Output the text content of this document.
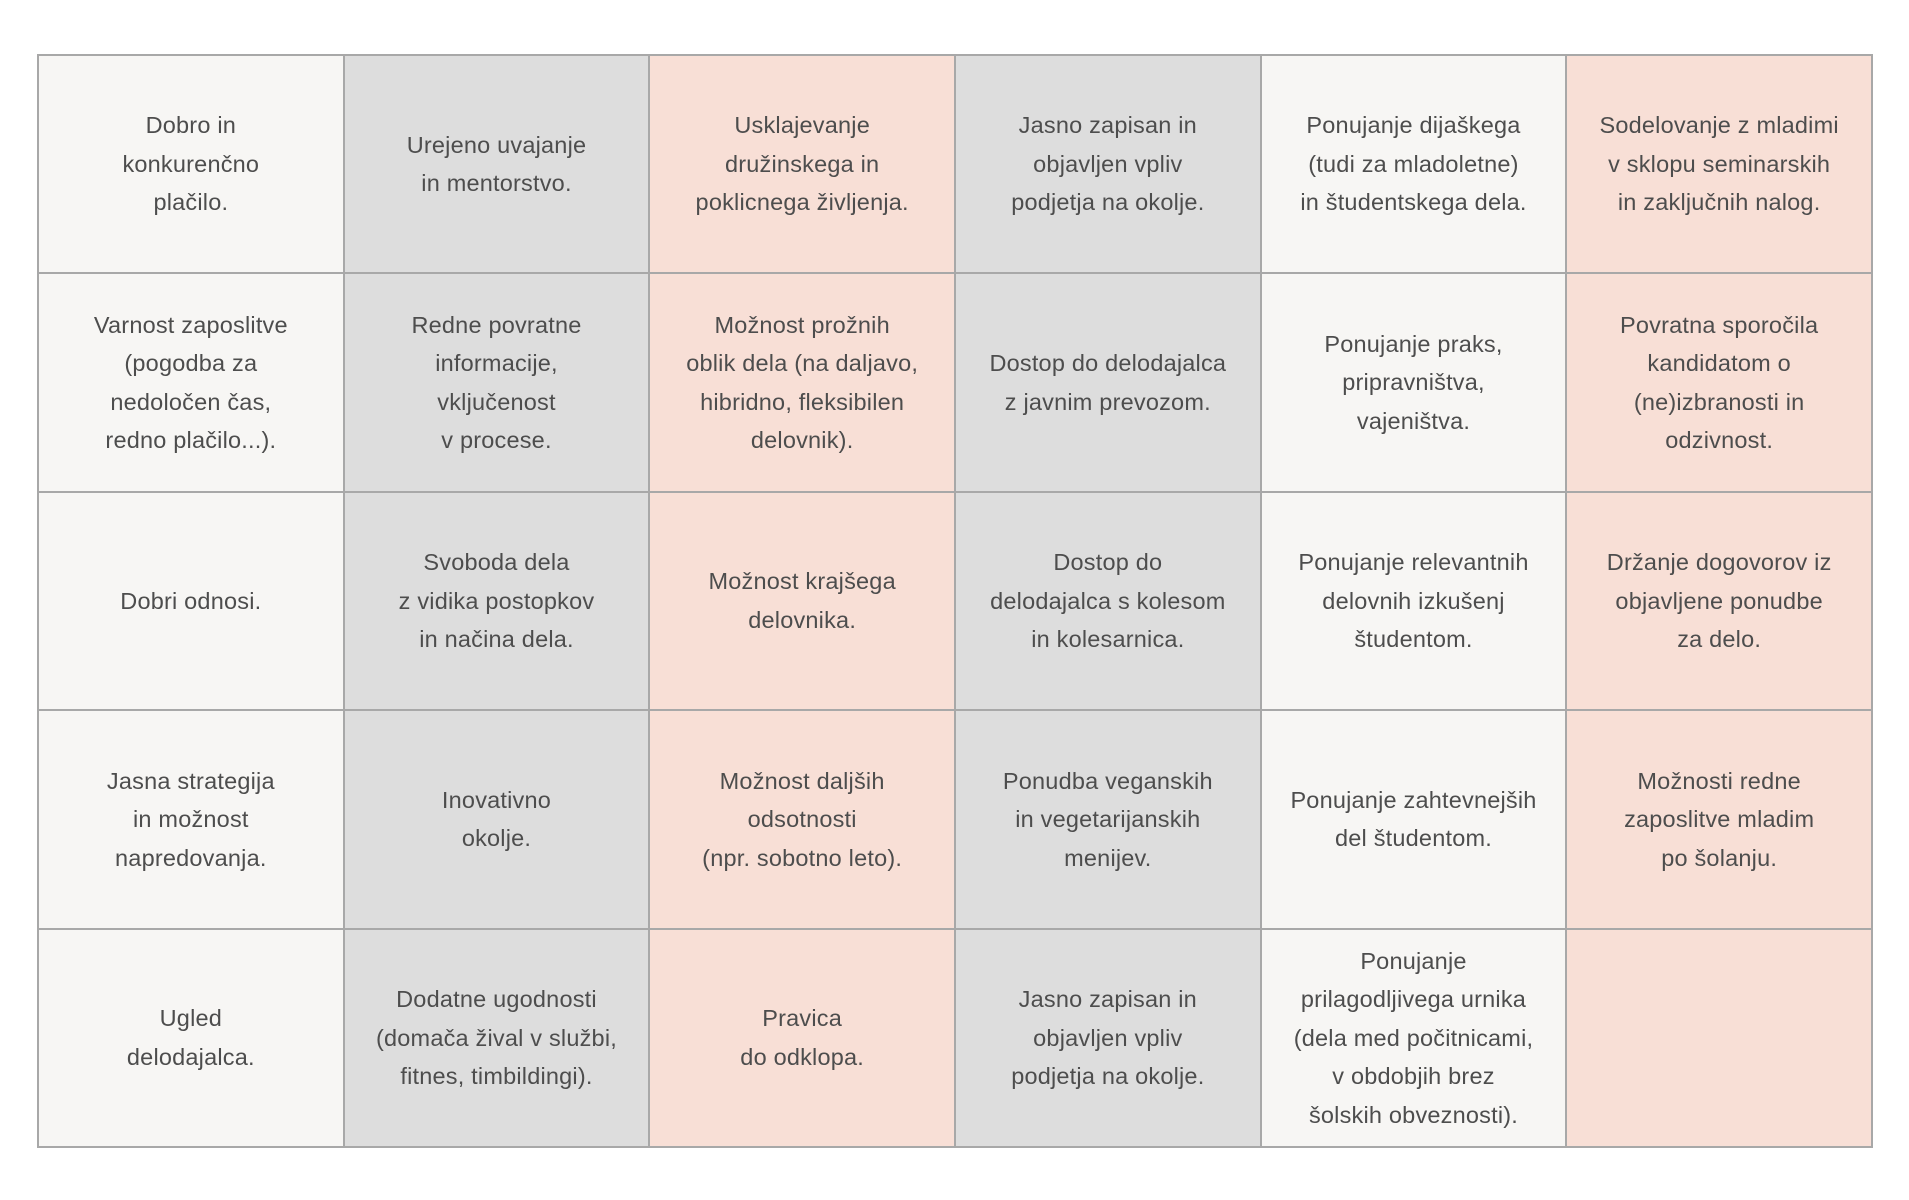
Dobro in
konkurenčno
plačilo.
Urejeno uvajanje
in mentorstvo.
Usklajevanje
družinskega in
poklicnega življenja.
Jasno zapisan in
objavljen vpliv
podjetja na okolje.
Ponujanje dijaškega
(tudi za mladoletne)
in študentskega dela.
Sodelovanje z mladimi
v sklopu seminarskih
in zaključnih nalog.
Varnost zaposlitve
(pogodba za
nedoločen čas,
redno plačilo...).
Redne povratne
informacije,
vključenost
v procese.
Možnost prožnih
oblik dela (na daljavo,
hibridno, fleksibilen
delovnik).
Dostop do delodajalca
z javnim prevozom.
Ponujanje praks,
pripravništva,
vajeništva.
Povratna sporočila
kandidatom o
(ne)izbranosti in
odzivnost.
Dobri odnosi.
Svoboda dela
z vidika postopkov
in načina dela.
Možnost krajšega
delovnika.
Dostop do
delodajalca s kolesom
in kolesarnica.
Ponujanje relevantnih
delovnih izkušenj
študentom.
Držanje dogovorov iz
objavljene ponudbe
za delo.
Jasna strategija
in možnost
napredovanja.
Inovativno
okolje.
Možnost daljših
odsotnosti
(npr. sobotno leto).
Ponudba veganskih
in vegetarijanskih
menijev.
Ponujanje zahtevnejših
del študentom.
Možnosti redne
zaposlitve mladim
po šolanju.
Ugled
delodajalca.
Dodatne ugodnosti
(domača žival v službi,
fitnes, timbildingi).
Pravica
do odklopa.
Jasno zapisan in
objavljen vpliv
podjetja na okolje.
Ponujanje
prilagodljivega urnika
(dela med počitnicami,
v obdobjih brez
šolskih obveznosti).
